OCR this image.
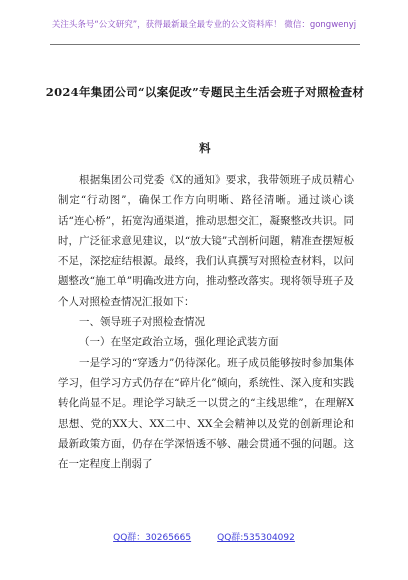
关注头条号“公文研究”，获得最新最全最专业的公文资料库！ 微信：gongwenyj
2024年集团公司“以案促改”专题民主生活会班子对照检查材料

根据集团公司党委《X的通知》要求，我带领班子成员精心制定“行动图”，确保工作方向明晰、路径清晰。通过谈心谈话“连心桥”，拓宽沟通渠道，推动思想交汇，凝聚整改共识。同时，广泛征求意见建议，以“放大镜”式剖析问题，精准查摆短板不足，深挖症结根源。最终，我们认真撰写对照检查材料，以问题整改“施工单”明确改进方向，推动整改落实。现将领导班子及个人对照检查情况汇报如下：

一、领导班子对照检查情况
（一）在坚定政治立场，强化理论武装方面

一是学习的“穿透力”仍待深化。班子成员能够按时参加集体学习，但学习方式仍存在“碎片化”倾向，系统性、深入度和实践转化尚显不足。理论学习缺乏一以贯之的“主线思维”，在理解X思想、党的XX大、XX二中、XX全会精神以及党的创新理论和最新政策方面，仍存在学深悟透不够、融会贯通不强的问题。这在一定程度上削弱了

QQ群：30265665	QQ群:535304092
